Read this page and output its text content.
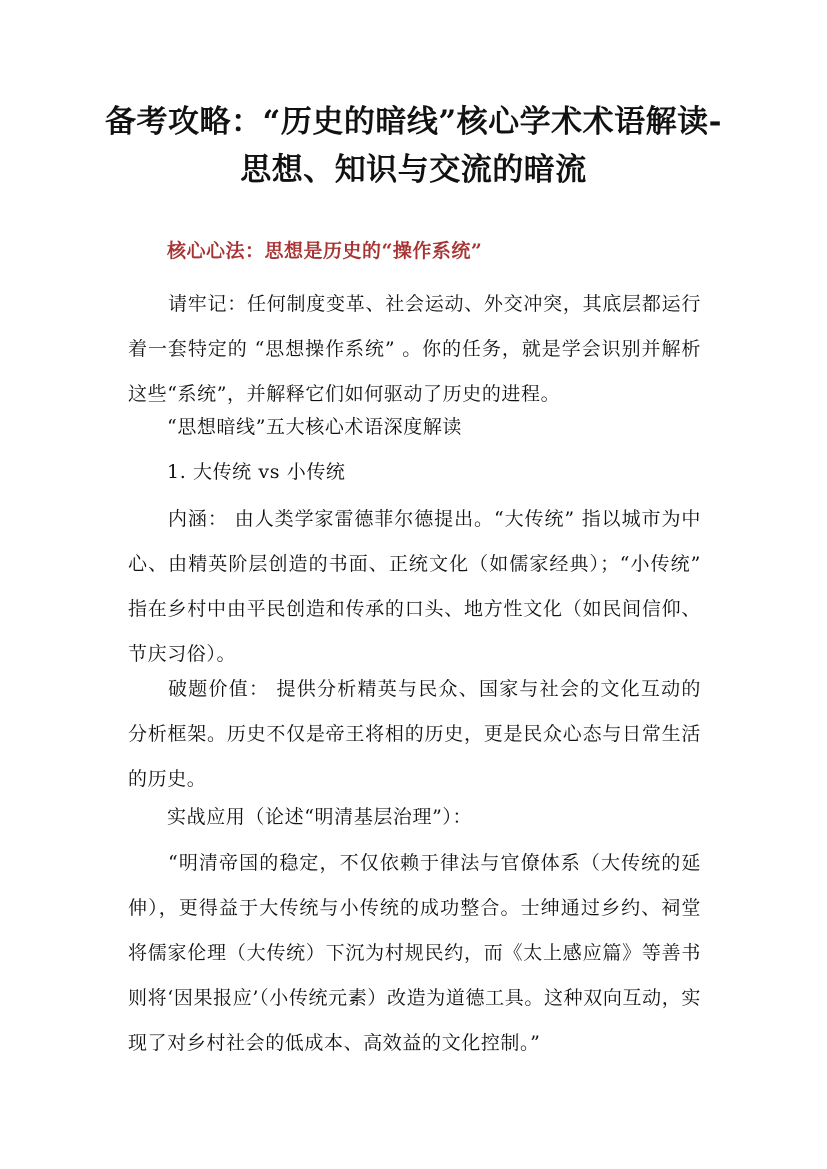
备考攻略：“历史的暗线”核心学术术语解读-思想、知识与交流的暗流

核心心法：思想是历史的“操作系统”

请牢记：任何制度变革、社会运动、外交冲突，其底层都运行着一套特定的 “思想操作系统” 。你的任务，就是学会识别并解析这些“系统”，并解释它们如何驱动了历史的进程。

“思想暗线”五大核心术语深度解读

1. 大传统 vs 小传统

内涵： 由人类学家雷德菲尔德提出。“大传统” 指以城市为中心、由精英阶层创造的书面、正统文化（如儒家经典）；“小传统” 指在乡村中由平民创造和传承的口头、地方性文化（如民间信仰、节庆习俗）。

破题价值： 提供分析精英与民众、国家与社会的文化互动的分析框架。历史不仅是帝王将相的历史，更是民众心态与日常生活的历史。

实战应用（论述“明清基层治理”）：

“明清帝国的稳定，不仅依赖于律法与官僚体系（大传统的延伸），更得益于大传统与小传统的成功整合。士绅通过乡约、祠堂将儒家伦理（大传统）下沉为村规民约，而《太上感应篇》等善书则将‘因果报应’（小传统元素）改造为道德工具。这种双向互动，实现了对乡村社会的低成本、高效益的文化控制。”
